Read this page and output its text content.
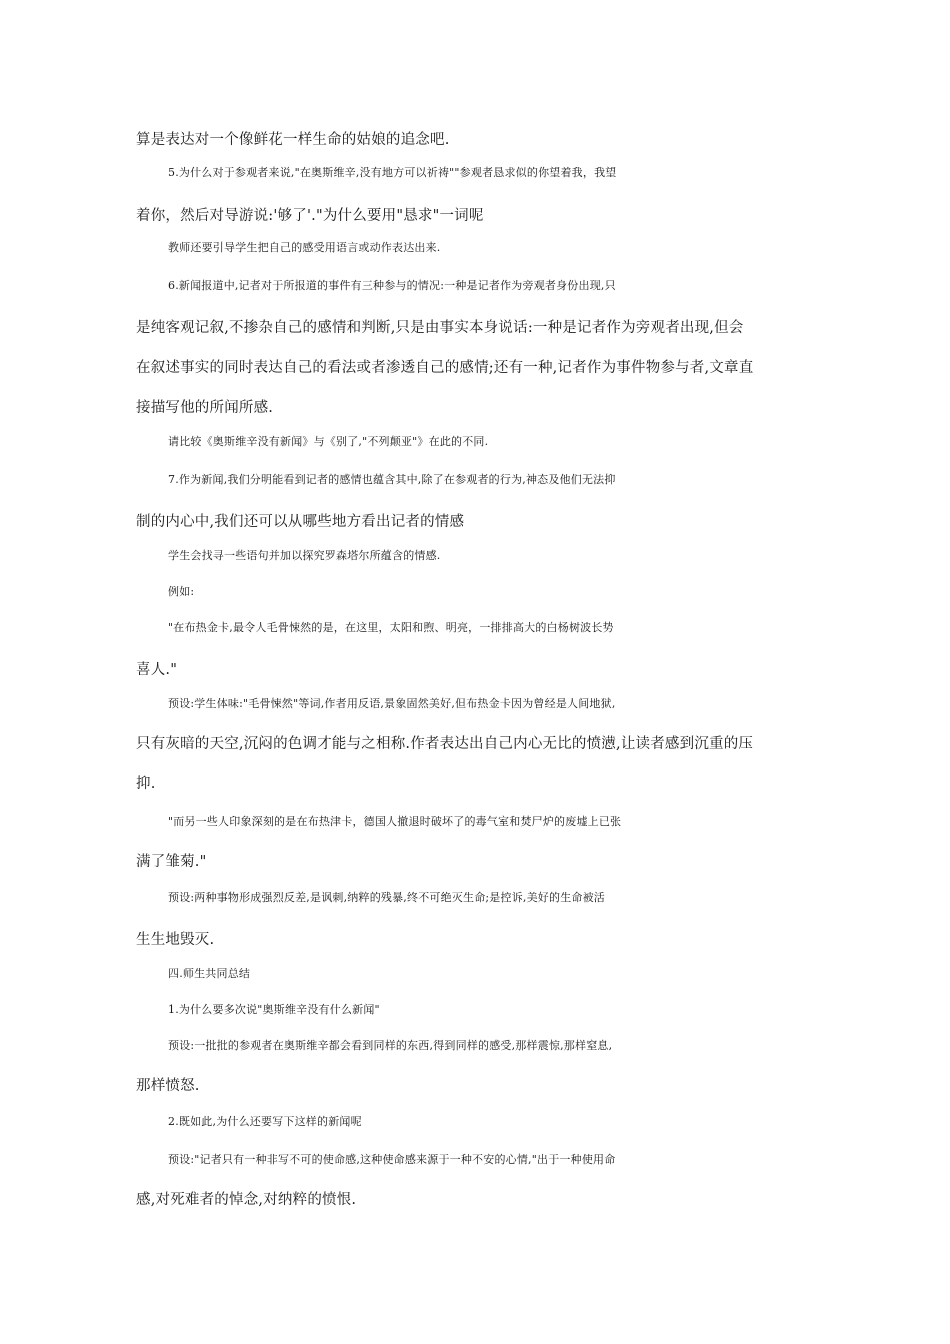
算是表达对一个像鲜花一样生命的姑娘的追念吧.
5.为什么对于参观者来说,"在奥斯维辛,没有地方可以祈祷""参观者恳求似的你望着我，我望
着你，然后对导游说:'够了'."为什么要用"恳求"一词呢
教师还要引导学生把自己的感受用语言或动作表达出来.
6.新闻报道中,记者对于所报道的事件有三种参与的情况:一种是记者作为旁观者身份出现,只
是纯客观记叙,不掺杂自己的感情和判断,只是由事实本身说话:一种是记者作为旁观者出现,但会
在叙述事实的同时表达自己的看法或者渗透自己的感情;还有一种,记者作为事件物参与者,文章直
接描写他的所闻所感.
请比较《奥斯维辛没有新闻》与《别了,"不列颠亚"》在此的不同.
7.作为新闻,我们分明能看到记者的感情也蕴含其中,除了在参观者的行为,神态及他们无法抑
制的内心中,我们还可以从哪些地方看出记者的情感
学生会找寻一些语句并加以探究罗森塔尔所蕴含的情感.
例如:
"在布热金卡,最令人毛骨悚然的是，在这里，太阳和煦、明亮，一排排高大的白杨树波长势
喜人."
预设:学生体味:"毛骨悚然"等词,作者用反语,景象固然美好,但布热金卡因为曾经是人间地狱,
只有灰暗的天空,沉闷的色调才能与之相称.作者表达出自己内心无比的愤懑,让读者感到沉重的压
抑.
"而另一些人印象深刻的是在布热津卡，德国人撤退时破坏了的毒气室和焚尸炉的废墟上已张
满了雏菊."
预设:两种事物形成强烈反差,是讽刺,纳粹的残暴,终不可绝灭生命;是控诉,美好的生命被活
生生地毁灭.
四.师生共同总结
1.为什么要多次说"奥斯维辛没有什么新闻"
预设:一批批的参观者在奥斯维辛都会看到同样的东西,得到同样的感受,那样震惊,那样窒息,
那样愤怒.
2.既如此,为什么还要写下这样的新闻呢
预设:"记者只有一种非写不可的使命感,这种使命感来源于一种不安的心情,"出于一种使用命
感,对死难者的悼念,对纳粹的愤恨.
